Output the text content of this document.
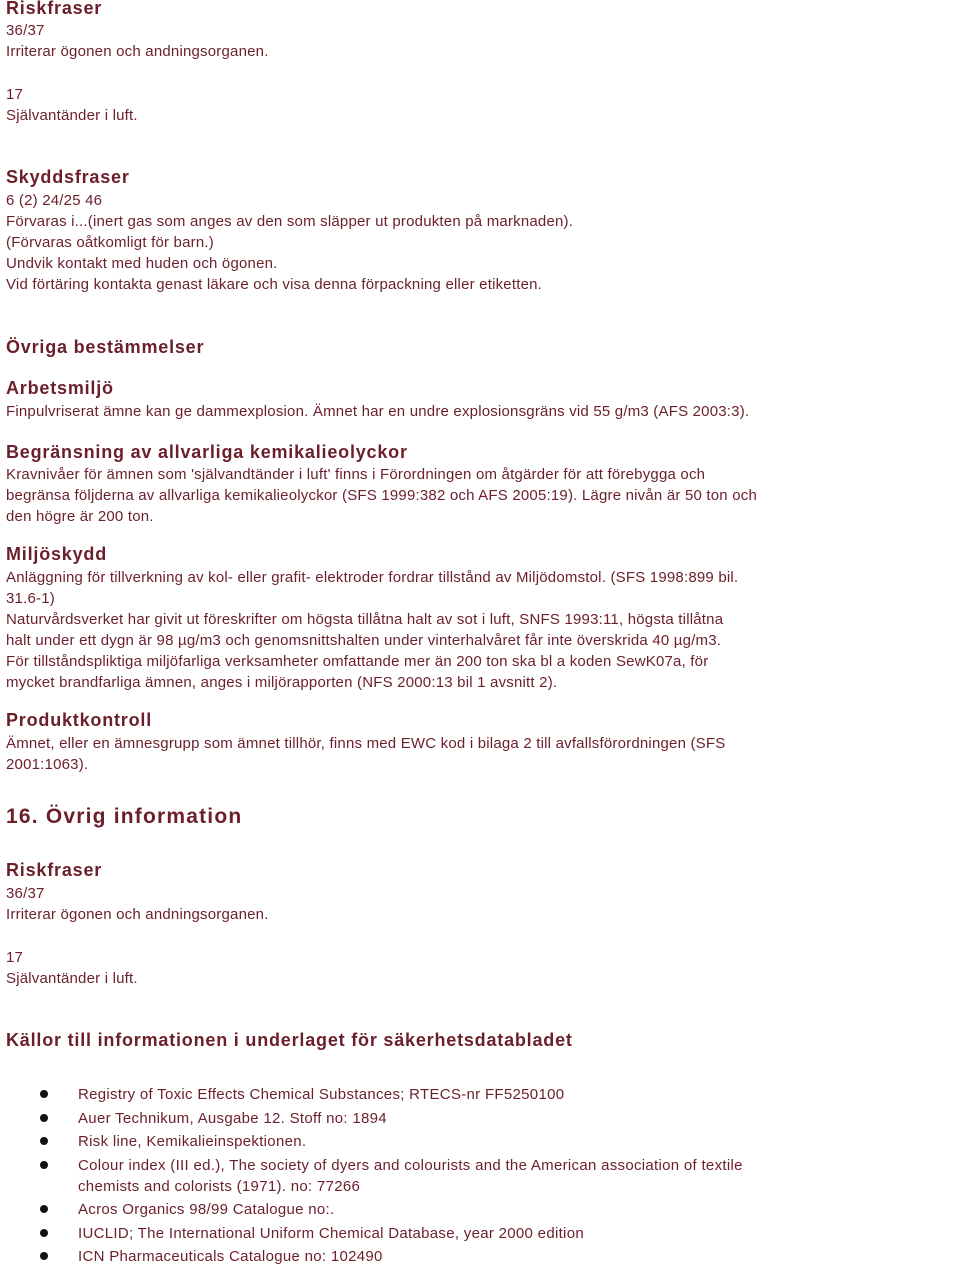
Riskfraser
36/37
Irriterar ögonen och andningsorganen.
17
Självantänder i luft.
Skyddsfraser
6 (2) 24/25 46
Förvaras i...(inert gas som anges av den som släpper ut produkten på marknaden).
(Förvaras oåtkomligt för barn.)
Undvik kontakt med huden och ögonen.
Vid förtäring kontakta genast läkare och visa denna förpackning eller etiketten.
Övriga bestämmelser
Arbetsmiljö
Finpulvriserat ämne kan ge dammexplosion. Ämnet har en undre explosionsgräns vid 55 g/m3 (AFS 2003:3).
Begränsning av allvarliga kemikalieolyckor
Kravnivåer för ämnen som 'självandtänder i luft' finns i Förordningen om åtgärder för att förebygga och
begränsa följderna av allvarliga kemikalieolyckor (SFS 1999:382 och AFS 2005:19). Lägre nivån är 50 ton och
den högre är 200 ton.
Miljöskydd
Anläggning för tillverkning av kol- eller grafit- elektroder fordrar tillstånd av Miljödomstol. (SFS 1998:899 bil.
31.6-1)
Naturvårdsverket har givit ut föreskrifter om högsta tillåtna halt av sot i luft, SNFS 1993:11, högsta tillåtna
halt under ett dygn är 98 µg/m3 och genomsnittshalten under vinterhalvåret får inte överskrida 40 µg/m3.
För tillståndspliktiga miljöfarliga verksamheter omfattande mer än 200 ton ska bl a koden SewK07a, för
mycket brandfarliga ämnen, anges i miljörapporten (NFS 2000:13 bil 1 avsnitt 2).
Produktkontroll
Ämnet, eller en ämnesgrupp som ämnet tillhör, finns med EWC kod i bilaga 2 till avfallsförordningen (SFS
2001:1063).
16. Övrig information
Riskfraser
36/37
Irriterar ögonen och andningsorganen.
17
Självantänder i luft.
Källor till informationen i underlaget för säkerhetsdatabladet
Registry of Toxic Effects Chemical Substances; RTECS-nr FF5250100
Auer Technikum, Ausgabe 12. Stoff no: 1894
Risk line, Kemikalieinspektionen.
Colour index (III ed.), The society of dyers and colourists and the American association of textile
chemists and colorists (1971). no: 77266
Acros Organics 98/99 Catalogue no:.
IUCLID; The International Uniform Chemical Database, year 2000 edition
ICN Pharmaceuticals Catalogue no: 102490
